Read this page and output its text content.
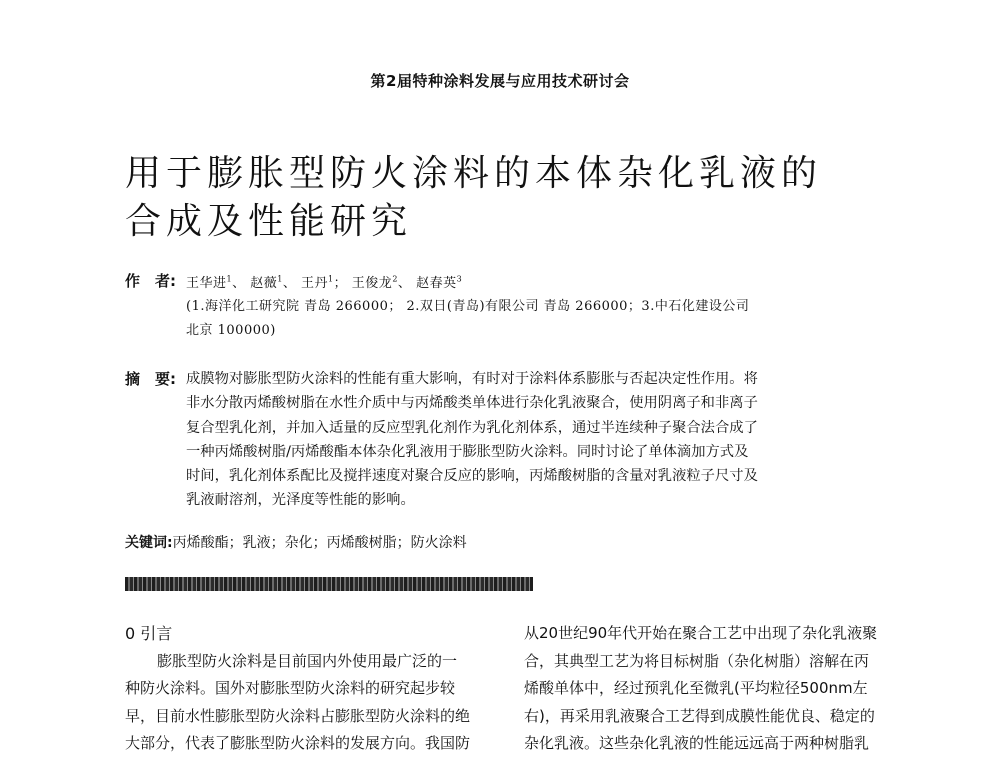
第2届特种涂料发展与应用技术研讨会
用于膨胀型防火涂料的本体杂化乳液的
合成及性能研究
作　者: 王华进$^1$、 赵薇$^1$、 王丹$^1$； 王俊龙$^2$、 赵春英$^3$
(1.海洋化工研究院 青岛 266000； 2.双日(青岛)有限公司 青岛 266000；3.中石化建设公司
北京 100000)
摘　要: 成膜物对膨胀型防火涂料的性能有重大影响，有时对于涂料体系膨胀与否起决定性作用。将
非水分散丙烯酸树脂在水性介质中与丙烯酸类单体进行杂化乳液聚合，使用阴离子和非离子
复合型乳化剂，并加入适量的反应型乳化剂作为乳化剂体系，通过半连续种子聚合法合成了
一种丙烯酸树脂/丙烯酸酯本体杂化乳液用于膨胀型防火涂料。同时讨论了单体滴加方式及
时间，乳化剂体系配比及搅拌速度对聚合反应的影响，丙烯酸树脂的含量对乳液粒子尺寸及
乳液耐溶剂，光泽度等性能的影响。
关键词:丙烯酸酯；乳液；杂化；丙烯酸树脂；防火涂料
0 引言
膨胀型防火涂料是目前国内外使用最广泛的一
种防火涂料。国外对膨胀型防火涂料的研究起步较
早，目前水性膨胀型防火涂料占膨胀型防火涂料的绝
大部分，代表了膨胀型防火涂料的发展方向。我国防
从20世纪90年代开始在聚合工艺中出现了杂化乳液聚
合，其典型工艺为将目标树脂（杂化树脂）溶解在丙
烯酸单体中，经过预乳化至微乳(平均粒径500nm左
右)，再采用乳液聚合工艺得到成膜性能优良、稳定的
杂化乳液。这些杂化乳液的性能远远高于两种树脂乳
